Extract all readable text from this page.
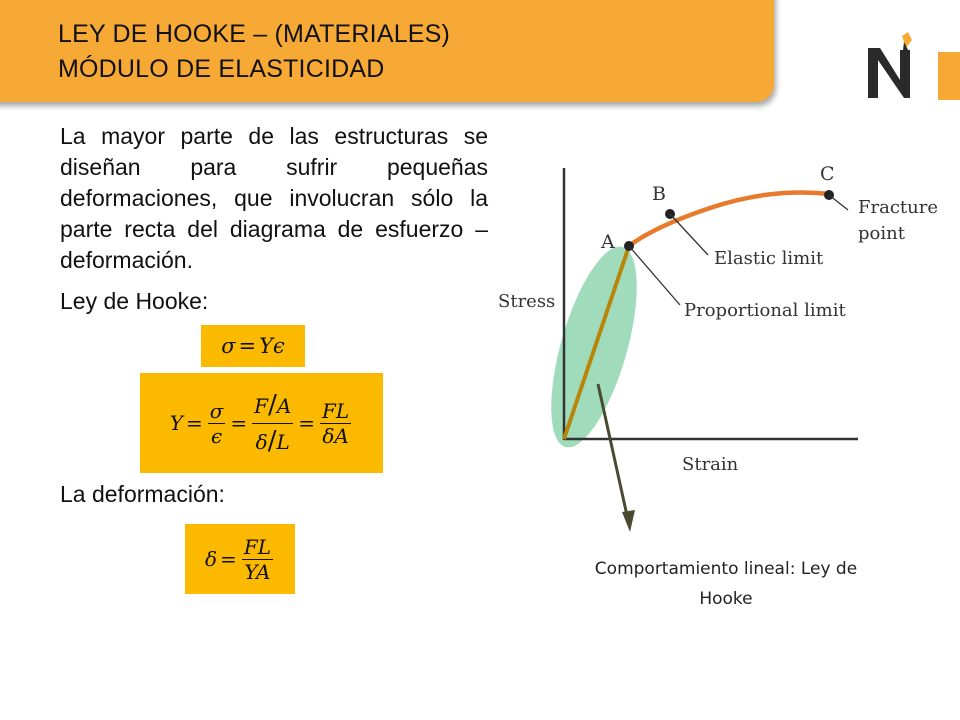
LEY DE HOOKE – (MATERIALES)
MÓDULO DE ELASTICIDAD
La mayor parte de las estructuras se diseñan para sufrir pequeñas deformaciones, que involucran sólo la parte recta del diagrama de esfuerzo – deformación.
Ley de Hooke:
La deformación:
σ = Yϵ
$Y = \frac{\sigma}{\epsilon} = \frac{F/A}{\delta/L} = \frac{FL}{\delta A}$
$\delta = \frac{FL}{YA}$
A
B
C
Elastic limit
Proportional limit
Fracture
point
Stress
Strain
Comportamiento lineal: Ley de
Hooke
